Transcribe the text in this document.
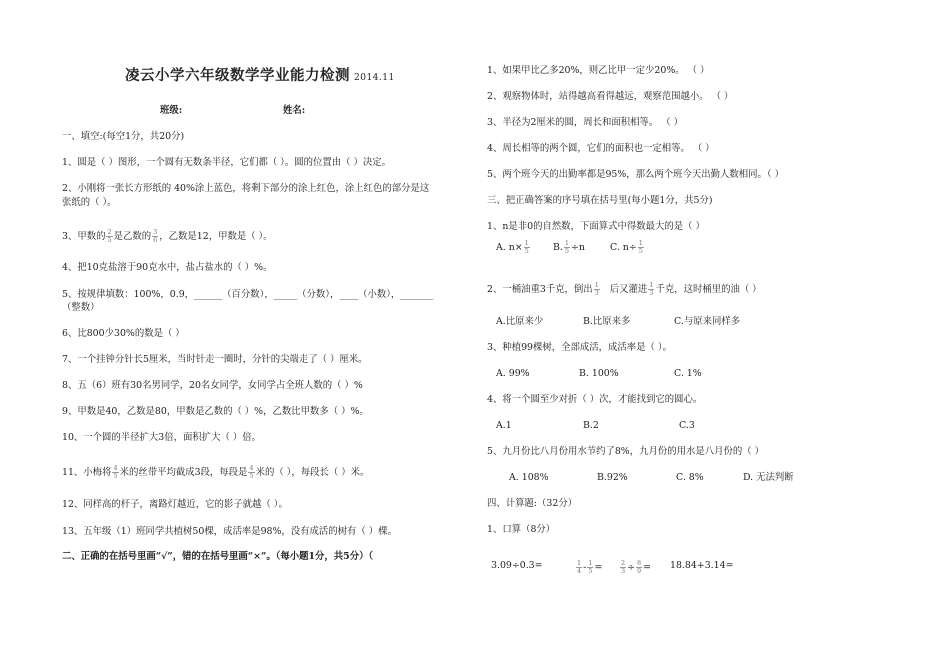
凌云小学六年级数学学业能力检测 2014.11
班级:	姓名:
一、填空:(每空1分，共20分)
1、圆是（ ）图形，一个圆有无数条半径，它们都（ ）。圆的位置由（ ）决定。
2、小刚将一张长方形纸的 40%涂上蓝色，将剩下部分的涂上红色，涂上红色的部分是这
张纸的（ ）。
3、甲数的 $\frac{2}{5}$ 是乙数的 $\frac{3}{6}$ ，乙数是12，甲数是（ ）。
4、把10克盐溶于90克水中，盐占盐水的（ ）%。
5、按规律填数：100%，0.9，______（百分数），_____（分数），____（小数），_______
（整数）
6、比800少30%的数是（ ）
7、一个挂钟分针长5厘米，当时针走一圈时，分针的尖端走了（ ）厘米。
8、五（6）班有30名男同学，20名女同学，女同学占全班人数的（ ）%
9、甲数是40，乙数是80，甲数是乙数的（ ）%，乙数比甲数多（ ）%。
10、一个圆的半径扩大3倍，面积扩大（ ）倍。
11、小梅将 $\frac{4}{5}$ 米的丝带平均截成3段，每段是 $\frac{4}{5}$ 米的（ ），每段长（ ）米。
12、同样高的杆子，离路灯越近，它的影子就越（ ）。
13、五年级（1）班同学共植树50棵，成活率是98%，没有成活的树有（ ）棵。
二、正确的在括号里画“√”，错的在括号里画“×”。（每小题1分，共5分）（
1、如果甲比乙多20%，则乙比甲一定少20%。 （ ）
2、观察物体时，站得越高看得越远，观察范围越小。 （ ）
3、半径为2厘米的圆，周长和面积相等。 （ ）
4、周长相等的两个圆，它们的面积也一定相等。 （ ）
5、两个班今天的出勤率都是95%，那么两个班今天出勤人数相同。（ ）
三、把正确答案的序号填在括号里(每小题1分，共5分)
1、n是非0的自然数，下面算式中得数最大的是（ ）
A. $n\times \frac{1}{5} B$. $\frac{1}{5} \div n$	C. $n\div \frac{1}{5}$
2、一桶油重3千克，倒出 $\frac{1}{3}$ 后又灌进 $\frac{1}{3}$ 千克，这时桶里的油（ ）
A.比原来少	B.比原来多	C.与原来同样多
3、种植99棵树，全部成活，成活率是（ ）。
A. 99%	B. 100%	C. 1%
4、将一个圆至少对折（ ）次，才能找到它的圆心。
A.1	B.2	C.3
5、九月份比八月份用水节约了8%，九月份的用水是八月份的（ ）
A. 108%	B.92%	C. 8%	D. 无法判断
四、计算题:（32分）
1、口算（8分）
3.09÷0.3=	$\frac{1}{4} - \frac{1}{5}$ =	$\frac{2}{3} \div \frac{8}{9} = 18.84+3.14=$
